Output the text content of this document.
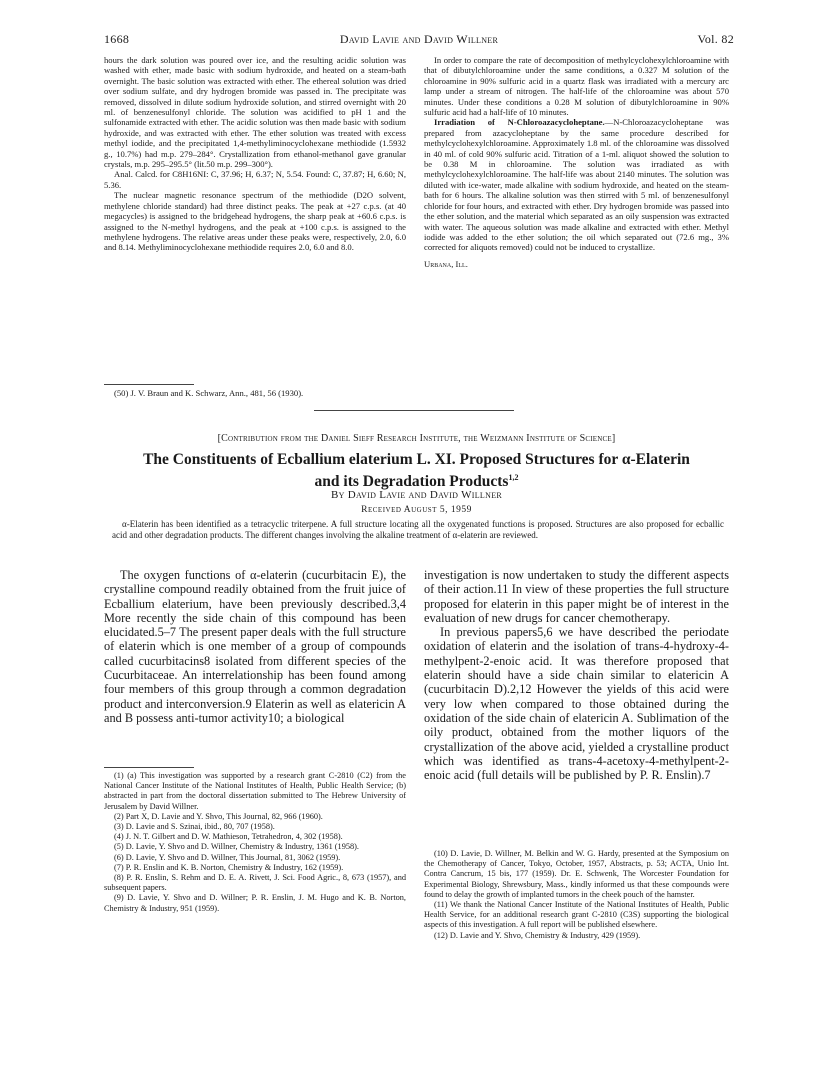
1668	David Lavie and David Willner	Vol. 82

hours the dark solution was poured over ice, and the resulting acidic solution was washed with ether, made basic with sodium hydroxide, and heated on a steam-bath overnight. The basic solution was extracted with ether. The ethereal solution was dried over sodium sulfate, and dry hydrogen bromide was passed in. The precipitate was removed, dissolved in dilute sodium hydroxide solution, and stirred overnight with 20 ml. of benzenesulfonyl chloride. The solution was acidified to pH 1 and the sulfonamide extracted with ether. The acidic solution was then made basic with sodium hydroxide, and was extracted with ether. The ether solution was treated with excess methyl iodide, and the precipitated 1,4-methyliminocyclohexane methiodide (1.5932 g., 10.7%) had m.p. 279–284°. Crystallization from ethanol-methanol gave granular crystals, m.p. 295–295.5° (lit.50 m.p. 299–300°).

Anal. Calcd. for C8H16NI: C, 37.96; H, 6.37; N, 5.54. Found: C, 37.87; H, 6.60; N, 5.36.

The nuclear magnetic resonance spectrum of the methiodide (D2O solvent, methylene chloride standard) had three distinct peaks. The peak at +27 c.p.s. (at 40 megacycles) is assigned to the bridgehead hydrogens, the sharp peak at +60.6 c.p.s. is assigned to the N-methyl hydrogens, and the peak at +100 c.p.s. is assigned to the methylene hydrogens. The relative areas under these peaks were, respectively, 2.0, 6.0 and 8.14. Methyliminocyclohexane methiodide requires 2.0, 6.0 and 8.0.

(50) J. V. Braun and K. Schwarz, Ann., 481, 56 (1930).

In order to compare the rate of decomposition of methylcyclohexylchloroamine with that of dibutylchloroamine under the same conditions, a 0.327 M solution of the chloroamine in 90% sulfuric acid in a quartz flask was irradiated with a mercury arc lamp under a stream of nitrogen. The half-life of the chloroamine was about 570 minutes. Under these conditions a 0.28 M solution of dibutylchloroamine in 90% sulfuric acid had a half-life of 10 minutes.

Irradiation of N-Chloroazacycloheptane.—N-Chloroazacycloheptane was prepared from azacycloheptane by the same procedure described for methylcyclohexylchloroamine. Approximately 1.8 ml. of the chloroamine was dissolved in 40 ml. of cold 90% sulfuric acid. Titration of a 1-ml. aliquot showed the solution to be 0.38 M in chloroamine. The solution was irradiated as with methylcyclohexylchloroamine. The half-life was about 2140 minutes. The solution was diluted with ice-water, made alkaline with sodium hydroxide, and heated on the steam-bath for 6 hours. The alkaline solution was then stirred with 5 ml. of benzenesulfonyl chloride for four hours, and extracted with ether. Dry hydrogen bromide was passed into the ether solution, and the material which separated as an oily suspension was extracted with water. The aqueous solution was made alkaline and extracted with ether. Methyl iodide was added to the ether solution; the oil which separated out (72.6 mg., 3% corrected for aliquots removed) could not be induced to crystallize.

Urbana, Ill.

[Contribution from the Daniel Sieff Research Institute, the Weizmann Institute of Science]
The Constituents of Ecballium elaterium L. XI. Proposed Structures for α-Elaterin
and its Degradation Products$^{1,2}$
By David Lavie and David Willner
Received August 5, 1959
α-Elaterin has been identified as a tetracyclic triterpene. A full structure locating all the oxygenated functions is proposed. Structures are also proposed for ecballic acid and other degradation products. The different changes involving the alkaline treatment of α-elaterin are reviewed.

The oxygen functions of α-elaterin (cucurbitacin E), the crystalline compound readily obtained from the fruit juice of Ecballium elaterium, have been previously described.3,4 More recently the side chain of this compound has been elucidated.5–7 The present paper deals with the full structure of elaterin which is one member of a group of compounds called cucurbitacins8 isolated from different species of the Cucurbitaceae. An interrelationship has been found among four members of this group through a common degradation product and interconversion.9 Elaterin as well as elatericin A and B possess anti-tumor activity10; a biological

(1) (a) This investigation was supported by a research grant C-2810 (C2) from the National Cancer Institute of the National Institutes of Health, Public Health Service; (b) abstracted in part from the doctoral dissertation submitted to The Hebrew University of Jerusalem by David Willner.

(2) Part X, D. Lavie and Y. Shvo, This Journal, 82, 966 (1960).

(3) D. Lavie and S. Szinai, ibid., 80, 707 (1958).

(4) J. N. T. Gilbert and D. W. Mathieson, Tetrahedron, 4, 302 (1958).

(5) D. Lavie, Y. Shvo and D. Willner, Chemistry & Industry, 1361 (1958).

(6) D. Lavie, Y. Shvo and D. Willner, This Journal, 81, 3062 (1959).

(7) P. R. Enslin and K. B. Norton, Chemistry & Industry, 162 (1959).

(8) P. R. Enslin, S. Rehm and D. E. A. Rivett, J. Sci. Food Agric., 8, 673 (1957), and subsequent papers.

(9) D. Lavie, Y. Shvo and D. Willner; P. R. Enslin, J. M. Hugo and K. B. Norton, Chemistry & Industry, 951 (1959).

investigation is now undertaken to study the different aspects of their action.11 In view of these properties the full structure proposed for elaterin in this paper might be of interest in the evaluation of new drugs for cancer chemotherapy.

In previous papers5,6 we have described the periodate oxidation of elaterin and the isolation of trans-4-hydroxy-4-methylpent-2-enoic acid. It was therefore proposed that elaterin should have a side chain similar to elatericin A (cucurbitacin D).2,12 However the yields of this acid were very low when compared to those obtained during the oxidation of the side chain of elatericin A. Sublimation of the oily product, obtained from the mother liquors of the crystallization of the above acid, yielded a crystalline product which was identified as trans-4-acetoxy-4-methylpent-2-enoic acid (full details will be published by P. R. Enslin).7

(10) D. Lavie, D. Willner, M. Belkin and W. G. Hardy, presented at the Symposium on the Chemotherapy of Cancer, Tokyo, October, 1957, Abstracts, p. 53; ACTA, Unio Int. Contra Cancrum, 15 bis, 177 (1959). Dr. E. Schwenk, The Worcester Foundation for Experimental Biology, Shrewsbury, Mass., kindly informed us that these compounds were found to delay the growth of implanted tumors in the cheek pouch of the hamster.

(11) We thank the National Cancer Institute of the National Institutes of Health, Public Health Service, for an additional research grant C-2810 (C3S) supporting the biological aspects of this investigation. A full report will be published elsewhere.

(12) D. Lavie and Y. Shvo, Chemistry & Industry, 429 (1959).
